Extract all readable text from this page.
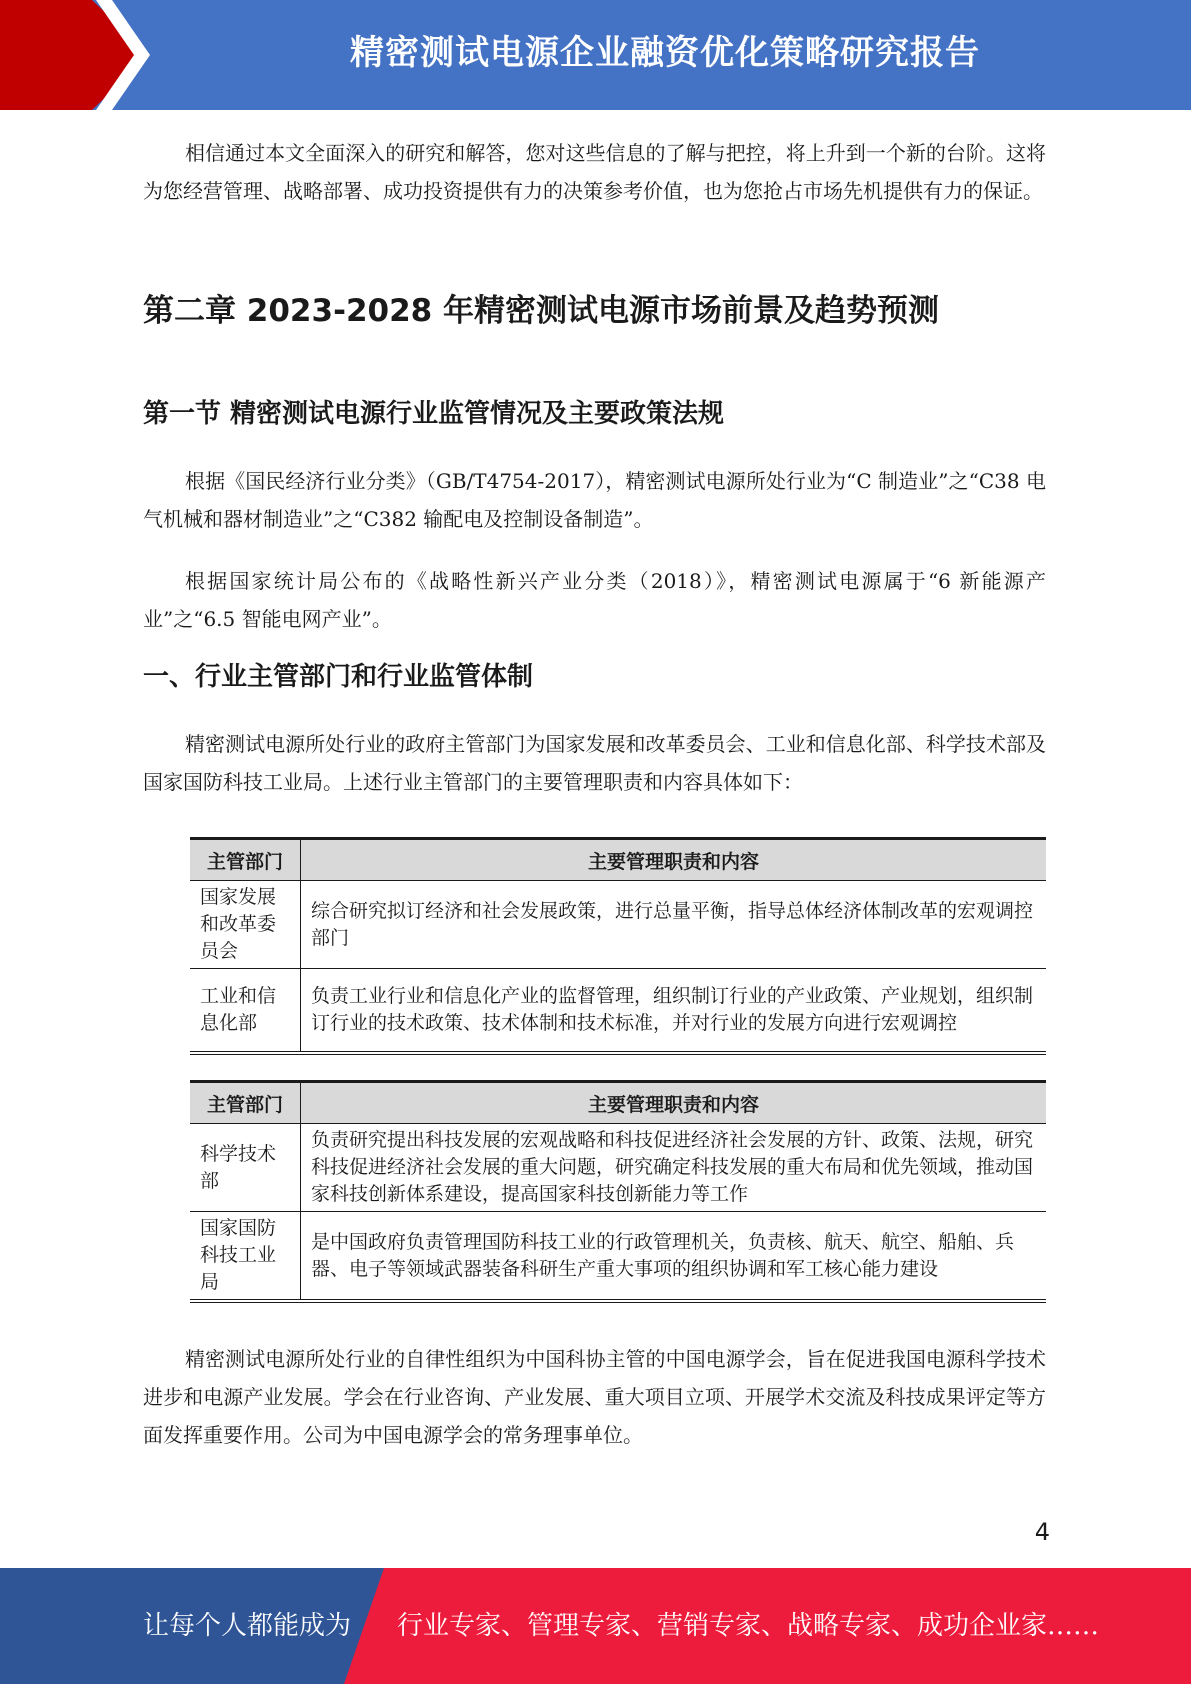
精密测试电源企业融资优化策略研究报告

相信通过本文全面深入的研究和解答，您对这些信息的了解与把控，将上升到一个新的台阶。这将为您经营管理、战略部署、成功投资提供有力的决策参考价值，也为您抢占市场先机提供有力的保证。

第二章 2023-2028 年精密测试电源市场前景及趋势预测
第一节 精密测试电源行业监管情况及主要政策法规

根据《国民经济行业分类》（GB/T4754-2017），精密测试电源所处行业为“C 制造业”之“C38 电气机械和器材制造业”之“C382 输配电及控制设备制造”。

根据国家统计局公布的《战略性新兴产业分类（2018）》，精密测试电源属于“6 新能源产业”之“6.5 智能电网产业”。

一、行业主管部门和行业监管体制

精密测试电源所处行业的政府主管部门为国家发展和改革委员会、工业和信息化部、科学技术部及国家国防科技工业局。上述行业主管部门的主要管理职责和内容具体如下：

主管部门	主要管理职责和内容
国家发展和改革委员会	综合研究拟订经济和社会发展政策，进行总量平衡，指导总体经济体制改革的宏观调控部门
工业和信息化部	负责工业行业和信息化产业的监督管理，组织制订行业的产业政策、产业规划，组织制订行业的技术政策、技术体制和技术标准，并对行业的发展方向进行宏观调控
主管部门	主要管理职责和内容
科学技术部	负责研究提出科技发展的宏观战略和科技促进经济社会发展的方针、政策、法规，研究科技促进经济社会发展的重大问题，研究确定科技发展的重大布局和优先领域，推动国家科技创新体系建设，提高国家科技创新能力等工作
国家国防科技工业局	是中国政府负责管理国防科技工业的行政管理机关，负责核、航天、航空、船舶、兵器、电子等领域武器装备科研生产重大事项的组织协调和军工核心能力建设

精密测试电源所处行业的自律性组织为中国科协主管的中国电源学会，旨在促进我国电源科学技术进步和电源产业发展。学会在行业咨询、产业发展、重大项目立项、开展学术交流及科技成果评定等方面发挥重要作用。公司为中国电源学会的常务理事单位。

4
让每个人都能成为 行业专家、管理专家、营销专家、战略专家、成功企业家……
